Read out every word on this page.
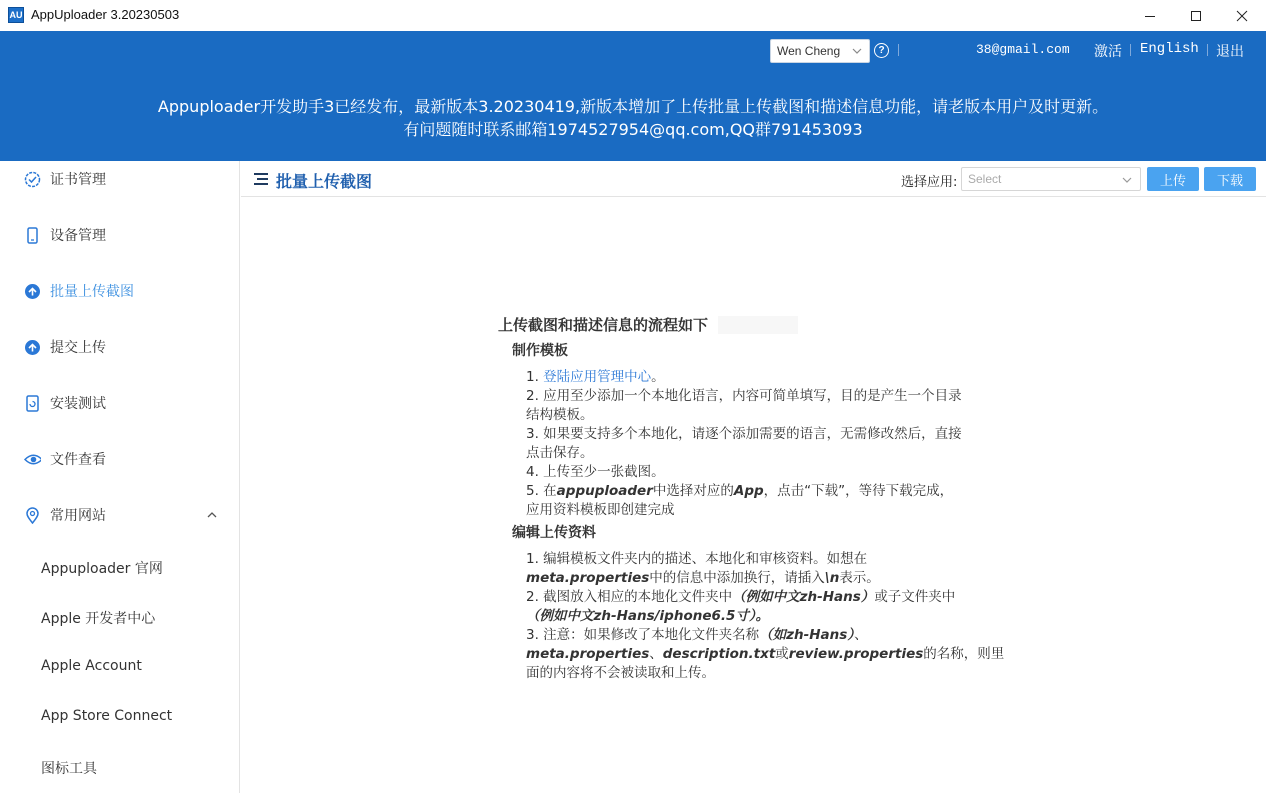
AU AppUploader 3.20230503
Wen Cheng	?	38@gmail.com 激活 English 退出
Appuploader开发助手3已经发布，最新版本3.20230419,新版本增加了上传批量上传截图和描述信息功能，请老版本用户及时更新。
有问题随时联系邮箱1974527954@qq.com,QQ群791453093
证书管理
设备管理
批量上传截图
提交上传
安装测试
文件查看
常用网站
Appuploader 官网
Apple 开发者中心
Apple Account
App Store Connect
图标工具
批量上传截图	选择应用: Select	上传	下载
上传截图和描述信息的流程如下
制作模板
1. 登陆应用管理中心。
2. 应用至少添加一个本地化语言，内容可简单填写，目的是产生一个目录
结构模板。
3. 如果要支持多个本地化，请逐个添加需要的语言，无需修改然后，直接
点击保存。
4. 上传至少一张截图。
5. 在appuploader中选择对应的App，点击“下载”，等待下载完成，
应用资料模板即创建完成
编辑上传资料
1. 编辑模板文件夹内的描述、本地化和审核资料。如想在
meta.properties中的信息中添加换行，请插入\n表示。
2. 截图放入相应的本地化文件夹中（例如中文zh-Hans）或子文件夹中
（例如中文zh-Hans/iphone6.5寸）。
3. 注意：如果修改了本地化文件夹名称（如zh-Hans）、
meta.properties、description.txt或review.properties的名称，则里
面的内容将不会被读取和上传。
